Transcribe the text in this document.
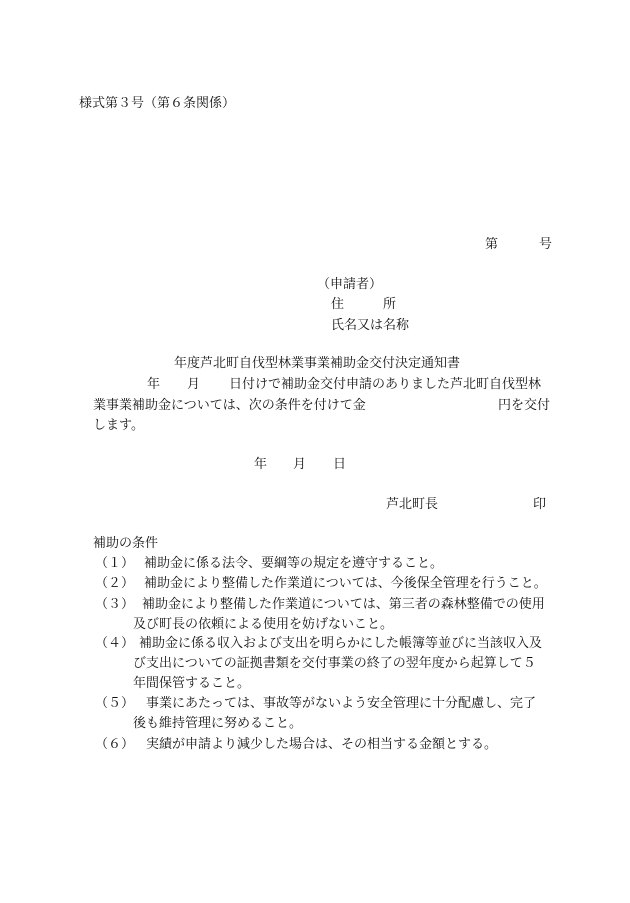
様式第３号（第６条関係）
第	号
（申請者）
住　　　所
氏名又は名称
年度芦北町自伐型林業事業補助金交付決定通知書
年 月 日付けで補助金交付申請のありました芦北町自伐型林
業事業補助金については、次の条件を付けて金	円を交付
します。
年 月 日
芦北町長	印
補助の条件
（１） 補助金に係る法令、要綱等の規定を遵守すること。
（２） 補助金により整備した作業道については、今後保全管理を行うこと。
（３） 補助金により整備した作業道については、第三者の森林整備での使用
及び町長の依頼による使用を妨げないこと。
（４） 補助金に係る収入および支出を明らかにした帳簿等並びに当該収入及
び支出についての証拠書類を交付事業の終了の翌年度から起算して５
年間保管すること。
（５） 事業にあたっては、事故等がないよう安全管理に十分配慮し、完了
後も維持管理に努めること。
（６） 実績が申請より減少した場合は、その相当する金額とする。
